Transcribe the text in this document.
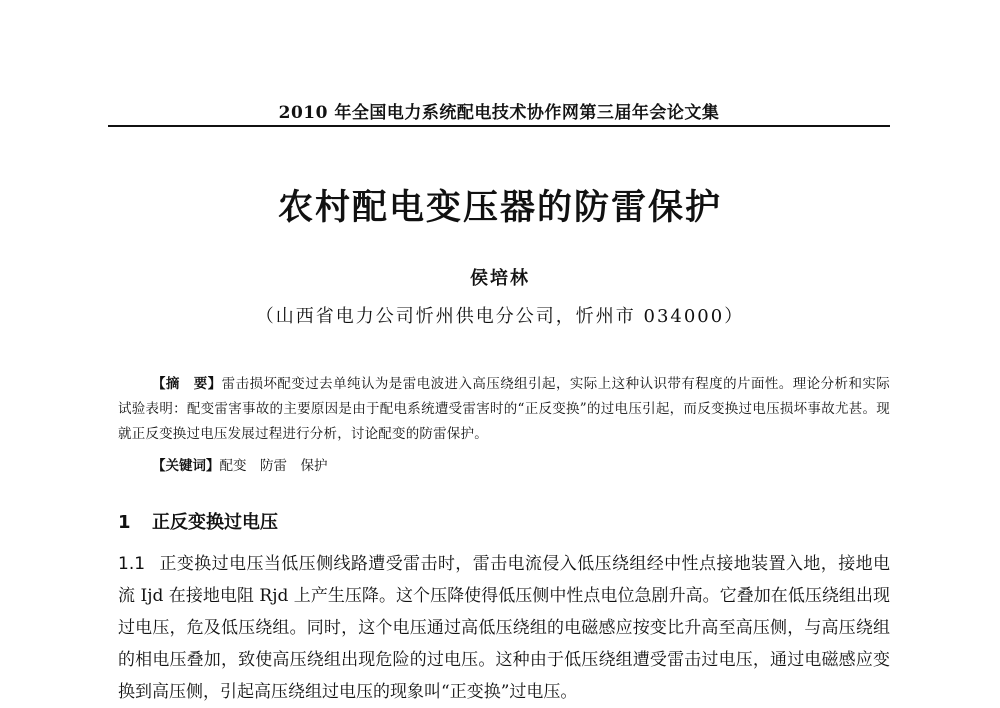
2010 年全国电力系统配电技术协作网第三届年会论文集
农村配电变压器的防雷保护
侯培林
（山西省电力公司忻州供电分公司，忻州市 034000）
【摘　要】雷击损坏配变过去单纯认为是雷电波进入高压绕组引起，实际上这种认识带有程度的片面性。理论分析和实际试验表明：配变雷害事故的主要原因是由于配电系统遭受雷害时的“正反变换”的过电压引起，而反变换过电压损坏事故尤甚。现就正反变换过电压发展过程进行分析，讨论配变的防雷保护。
【关键词】配变　防雷　保护
1 正反变换过电压
1.1 正变换过电压当低压侧线路遭受雷击时，雷击电流侵入低压绕组经中性点接地装置入地，接地电流 Ijd 在接地电阻 Rjd 上产生压降。这个压降使得低压侧中性点电位急剧升高。它叠加在低压绕组出现过电压，危及低压绕组。同时，这个电压通过高低压绕组的电磁感应按变比升高至高压侧，与高压绕组的相电压叠加，致使高压绕组出现危险的过电压。这种由于低压绕组遭受雷击过电压，通过电磁感应变换到高压侧，引起高压绕组过电压的现象叫“正变换”过电压。
